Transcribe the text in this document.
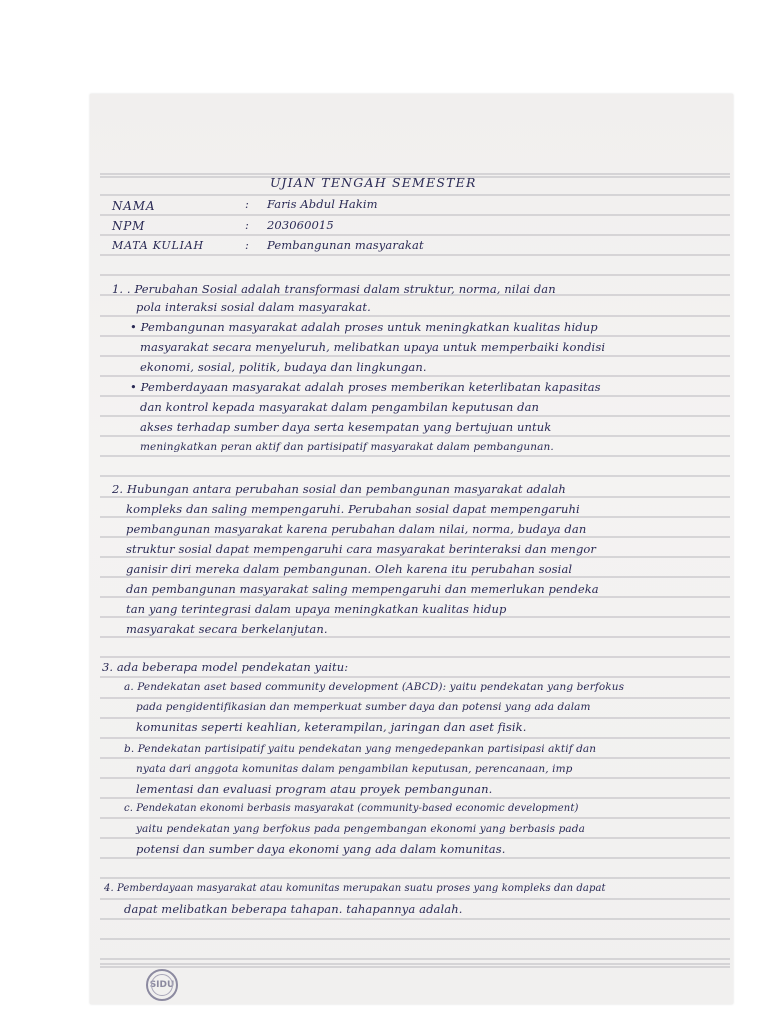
UJIAN TENGAH SEMESTER
NAMA	: Faris Abdul Hakim
NPM	: 203060015
MATA KULIAH	: Pembangunan masyarakat
1. . Perubahan Sosial adalah transformasi dalam struktur, norma, nilai dan
pola interaksi sosial dalam masyarakat.
• Pembangunan masyarakat adalah proses untuk meningkatkan kualitas hidup
masyarakat secara menyeluruh, melibatkan upaya untuk memperbaiki kondisi
ekonomi, sosial, politik, budaya dan lingkungan.
• Pemberdayaan masyarakat adalah proses memberikan keterlibatan kapasitas
dan kontrol kepada masyarakat dalam pengambilan keputusan dan
akses terhadap sumber daya serta kesempatan yang bertujuan untuk
meningkatkan peran aktif dan partisipatif masyarakat dalam pembangunan.
2. Hubungan antara perubahan sosial dan pembangunan masyarakat adalah
kompleks dan saling mempengaruhi. Perubahan sosial dapat mempengaruhi
pembangunan masyarakat karena perubahan dalam nilai, norma, budaya dan
struktur sosial dapat mempengaruhi cara masyarakat berinteraksi dan mengor
ganisir diri mereka dalam pembangunan. Oleh karena itu perubahan sosial
dan pembangunan masyarakat saling mempengaruhi dan memerlukan pendeka
tan yang terintegrasi dalam upaya meningkatkan kualitas hidup
masyarakat secara berkelanjutan.
3. ada beberapa model pendekatan yaitu:
a. Pendekatan aset based community development (ABCD): yaitu pendekatan yang berfokus
pada pengidentifikasian dan memperkuat sumber daya dan potensi yang ada dalam
komunitas seperti keahlian, keterampilan, jaringan dan aset fisik.
b. Pendekatan partisipatif yaitu pendekatan yang mengedepankan partisipasi aktif dan
nyata dari anggota komunitas dalam pengambilan keputusan, perencanaan, imp
lementasi dan evaluasi program atau proyek pembangunan.
c. Pendekatan ekonomi berbasis masyarakat (community-based economic development)
yaitu pendekatan yang berfokus pada pengembangan ekonomi yang berbasis pada
potensi dan sumber daya ekonomi yang ada dalam komunitas.
4. Pemberdayaan masyarakat atau komunitas merupakan suatu proses yang kompleks dan dapat
dapat melibatkan beberapa tahapan. tahapannya adalah.
SIDU
